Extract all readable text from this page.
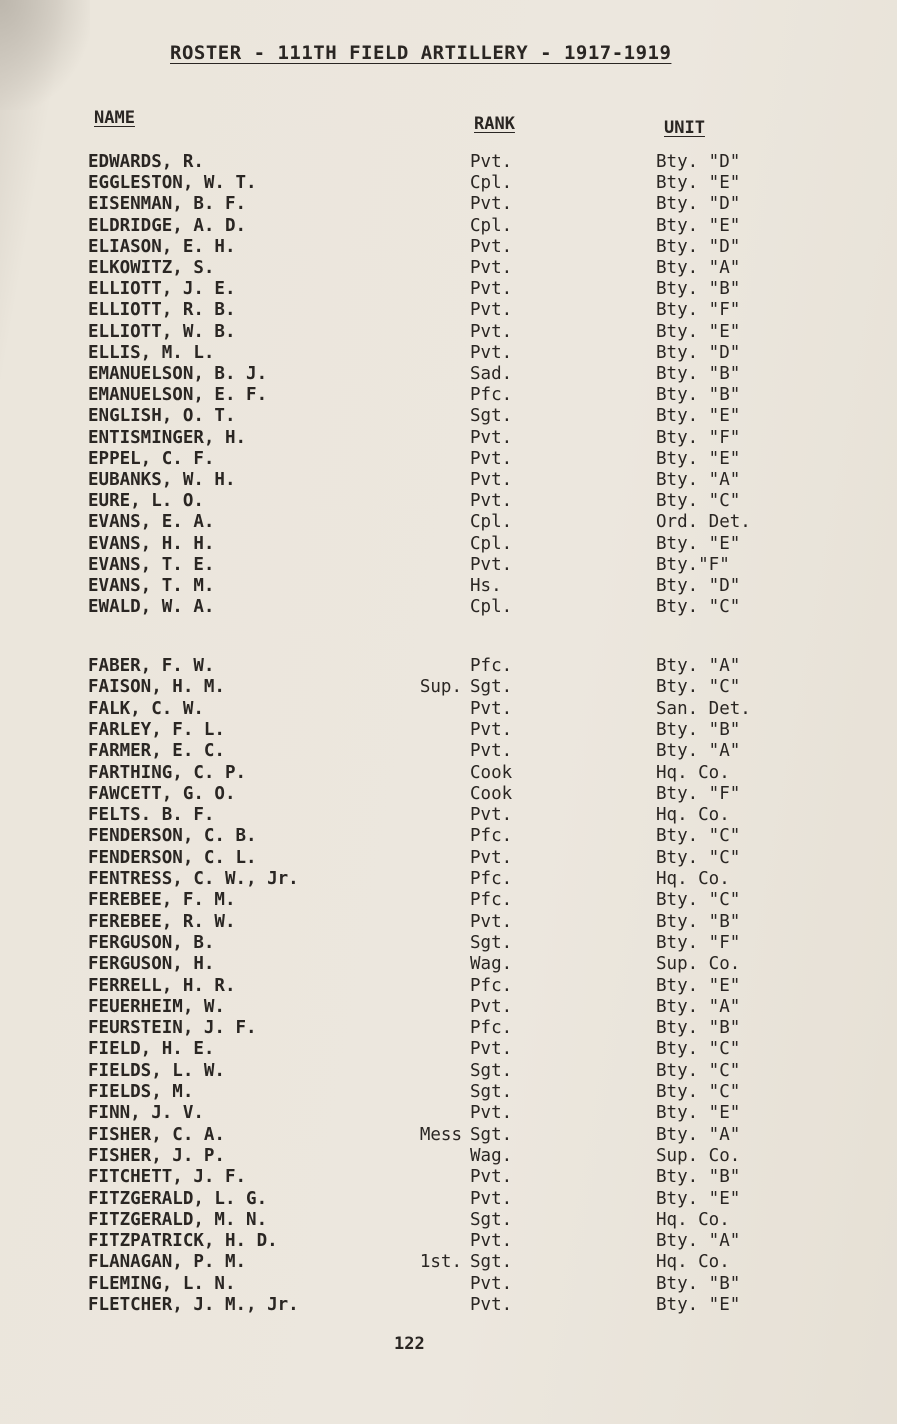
ROSTER - 111TH FIELD ARTILLERY - 1917-1919
NAME	RANK	UNIT
EDWARDS, R.	Pvt.	Bty. "D"
EGGLESTON, W. T.	Cpl.	Bty. "E"
EISENMAN, B. F.	Pvt.	Bty. "D"
ELDRIDGE, A. D.	Cpl.	Bty. "E"
ELIASON, E. H.	Pvt.	Bty. "D"
ELKOWITZ, S.	Pvt.	Bty. "A"
ELLIOTT, J. E.	Pvt.	Bty. "B"
ELLIOTT, R. B.	Pvt.	Bty. "F"
ELLIOTT, W. B.	Pvt.	Bty. "E"
ELLIS, M. L.	Pvt.	Bty. "D"
EMANUELSON, B. J.	Sad.	Bty. "B"
EMANUELSON, E. F.	Pfc.	Bty. "B"
ENGLISH, O. T.	Sgt.	Bty. "E"
ENTISMINGER, H.	Pvt.	Bty. "F"
EPPEL, C. F.	Pvt.	Bty. "E"
EUBANKS, W. H.	Pvt.	Bty. "A"
EURE, L. O.	Pvt.	Bty. "C"
EVANS, E. A.	Cpl.	Ord. Det.
EVANS, H. H.	Cpl.	Bty. "E"
EVANS, T. E.	Pvt.	Bty."F"
EVANS, T. M.	Hs.	Bty. "D"
EWALD, W. A.	Cpl.	Bty. "C"
FABER, F. W.	Pfc.	Bty. "A"
FAISON, H. M.	Sup. Sgt.	Bty. "C"
FALK, C. W.	Pvt.	San. Det.
FARLEY, F. L.	Pvt.	Bty. "B"
FARMER, E. C.	Pvt.	Bty. "A"
FARTHING, C. P.	Cook	Hq. Co.
FAWCETT, G. O.	Cook	Bty. "F"
FELTS. B. F.	Pvt.	Hq. Co.
FENDERSON, C. B.	Pfc.	Bty. "C"
FENDERSON, C. L.	Pvt.	Bty. "C"
FENTRESS, C. W., Jr.	Pfc.	Hq. Co.
FEREBEE, F. M.	Pfc.	Bty. "C"
FEREBEE, R. W.	Pvt.	Bty. "B"
FERGUSON, B.	Sgt.	Bty. "F"
FERGUSON, H.	Wag.	Sup. Co.
FERRELL, H. R.	Pfc.	Bty. "E"
FEUERHEIM, W.	Pvt.	Bty. "A"
FEURSTEIN, J. F.	Pfc.	Bty. "B"
FIELD, H. E.	Pvt.	Bty. "C"
FIELDS, L. W.	Sgt.	Bty. "C"
FIELDS, M.	Sgt.	Bty. "C"
FINN, J. V.	Pvt.	Bty. "E"
FISHER, C. A.	Mess Sgt.	Bty. "A"
FISHER, J. P.	Wag.	Sup. Co.
FITCHETT, J. F.	Pvt.	Bty. "B"
FITZGERALD, L. G.	Pvt.	Bty. "E"
FITZGERALD, M. N.	Sgt.	Hq. Co.
FITZPATRICK, H. D.	Pvt.	Bty. "A"
FLANAGAN, P. M.	1st. Sgt.	Hq. Co.
FLEMING, L. N.	Pvt.	Bty. "B"
FLETCHER, J. M., Jr.	Pvt.	Bty. "E"
122
